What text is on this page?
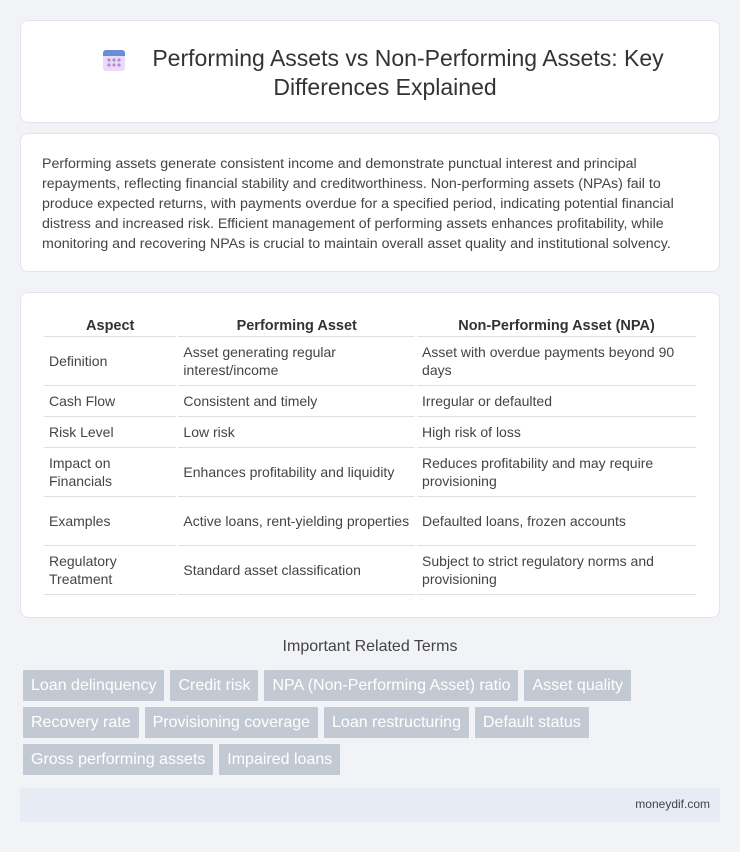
Performing Assets vs Non-Performing Assets: Key Differences Explained

Performing assets generate consistent income and demonstrate punctual interest and principal repayments, reflecting financial stability and creditworthiness. Non-performing assets (NPAs) fail to produce expected returns, with payments overdue for a specified period, indicating potential financial distress and increased risk. Efficient management of performing assets enhances profitability, while monitoring and recovering NPAs is crucial to maintain overall asset quality and institutional solvency.

Aspect	Performing Asset	Non-Performing Asset (NPA)
Definition	Asset generating regular interest/income	Asset with overdue payments beyond 90 days
Cash Flow	Consistent and timely	Irregular or defaulted
Risk Level	Low risk	High risk of loss
Impact on Financials	Enhances profitability and liquidity	Reduces profitability and may require provisioning
Examples	Active loans, rent-yielding properties	Defaulted loans, frozen accounts
Regulatory Treatment	Standard asset classification	Subject to strict regulatory norms and provisioning
Important Related Terms
Loan delinquency	Credit risk	NPA (Non-Performing Asset) ratio	Asset quality
Recovery rate	Provisioning coverage	Loan restructuring	Default status
Gross performing assets	Impaired loans
moneydif.com
